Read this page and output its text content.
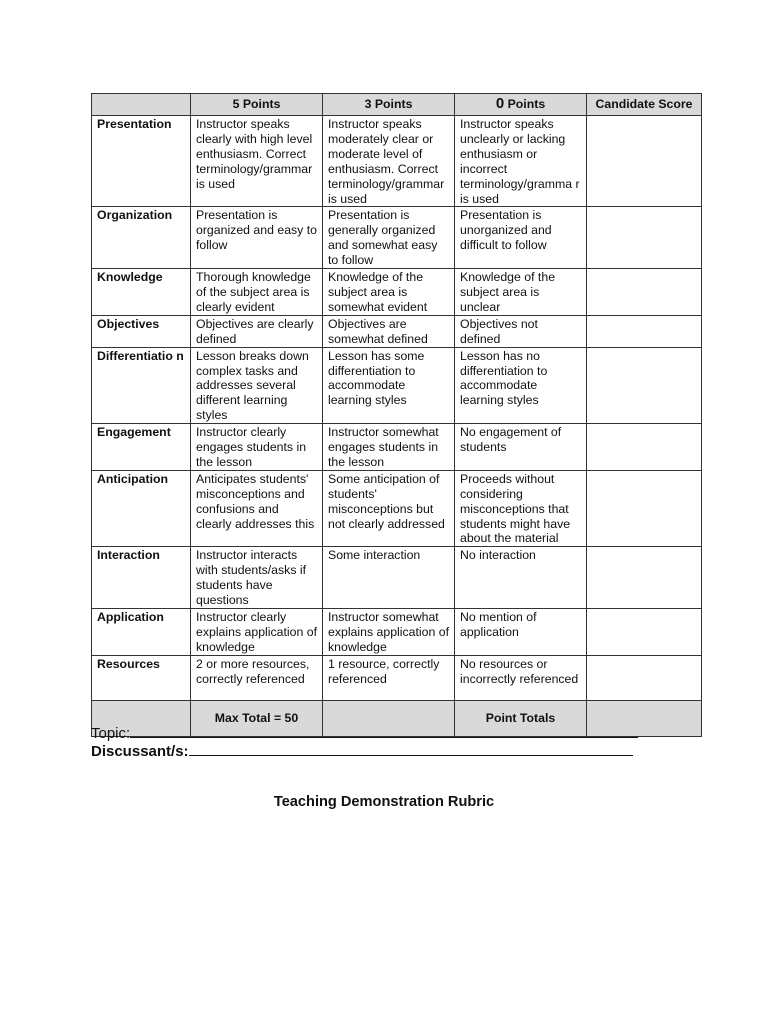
	5 Points	3 Points	0 Points	Candidate Score
Presentation	Instructor speaks clearly with high level enthusiasm. Correct terminology/grammar is used	Instructor speaks moderately clear or moderate level of enthusiasm. Correct terminology/grammar is used	Instructor speaks unclearly or lacking enthusiasm or incorrect terminology/gramma r is used	
Organization	Presentation is organized and easy to follow	Presentation is generally organized and somewhat easy to follow	Presentation is unorganized and difficult to follow	
Knowledge	Thorough knowledge of the subject area is clearly evident	Knowledge of the subject area is somewhat evident	Knowledge of the subject area is unclear	
Objectives	Objectives are clearly defined	Objectives are somewhat defined	Objectives not defined	
Differentiatio n	Lesson breaks down complex tasks and addresses several different learning styles	Lesson has some differentiation to accommodate learning styles	Lesson has no differentiation to accommodate learning styles	
Engagement	Instructor clearly engages students in the lesson	Instructor somewhat engages students in the lesson	No engagement of students	
Anticipation	Anticipates students' misconceptions and confusions and clearly addresses this	Some anticipation of students' misconceptions but not clearly addressed	Proceeds without considering misconceptions that students might have about the material	
Interaction	Instructor interacts with students/asks if students have questions	Some interaction	No interaction	
Application	Instructor clearly explains application of knowledge	Instructor somewhat explains application of knowledge	No mention of application	
Resources	2 or more resources, correctly referenced	1 resource, correctly referenced	No resources or incorrectly referenced	
	Max Total = 50		Point Totals	
Topic:
Discussant/s:
Teaching Demonstration Rubric
